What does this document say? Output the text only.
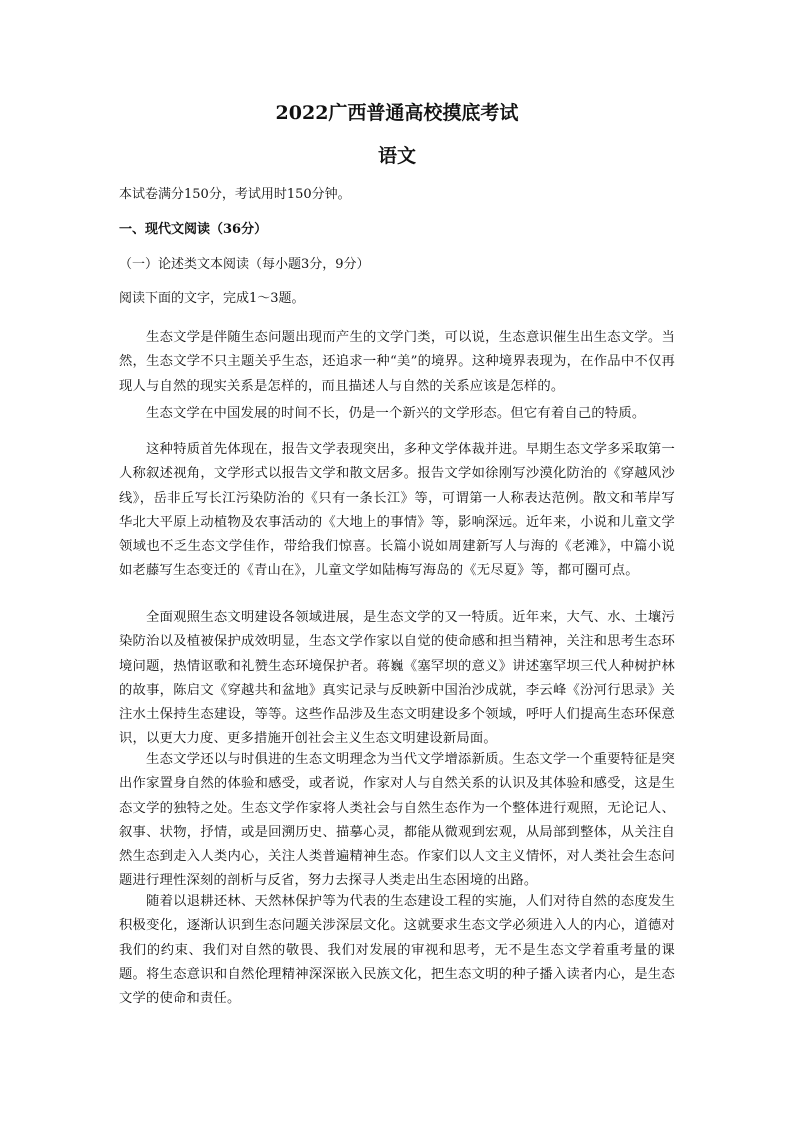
2022广西普通高校摸底考试
语文
本试卷满分150分，考试用时150分钟。
一、现代文阅读（36分）
（一）论述类文本阅读（每小题3分，9分）
阅读下面的文字，完成1～3题。
生态文学是伴随生态问题出现而产生的文学门类，可以说，生态意识催生出生态文学。当然，生态文学不只主题关乎生态，还追求一种“美”的境界。这种境界表现为，在作品中不仅再现人与自然的现实关系是怎样的，而且描述人与自然的关系应该是怎样的。
生态文学在中国发展的时间不长，仍是一个新兴的文学形态。但它有着自己的特质。
这种特质首先体现在，报告文学表现突出，多种文学体裁并进。早期生态文学多采取第一人称叙述视角，文学形式以报告文学和散文居多。报告文学如徐刚写沙漠化防治的《穿越风沙线》，岳非丘写长江污染防治的《只有一条长江》等，可谓第一人称表达范例。散文和苇岸写华北大平原上动植物及农事活动的《大地上的事情》等，影响深远。近年来，小说和儿童文学领域也不乏生态文学佳作，带给我们惊喜。长篇小说如周建新写人与海的《老滩》，中篇小说如老藤写生态变迁的《青山在》，儿童文学如陆梅写海岛的《无尽夏》等，都可圈可点。
全面观照生态文明建设各领域进展，是生态文学的又一特质。近年来，大气、水、土壤污染防治以及植被保护成效明显，生态文学作家以自觉的使命感和担当精神，关注和思考生态环境问题，热情讴歌和礼赞生态环境保护者。蒋巍《塞罕坝的意义》讲述塞罕坝三代人种树护林的故事，陈启文《穿越共和盆地》真实记录与反映新中国治沙成就，李云峰《汾河行思录》关注水土保持生态建设，等等。这些作品涉及生态文明建设多个领域，呼吁人们提高生态环保意识，以更大力度、更多措施开创社会主义生态文明建设新局面。
生态文学还以与时俱进的生态文明理念为当代文学增添新质。生态文学一个重要特征是突出作家置身自然的体验和感受，或者说，作家对人与自然关系的认识及其体验和感受，这是生态文学的独特之处。生态文学作家将人类社会与自然生态作为一个整体进行观照，无论记人、叙事、状物，抒情，或是回溯历史、描摹心灵，都能从微观到宏观，从局部到整体，从关注自然生态到走入人类内心，关注人类普遍精神生态。作家们以人文主义情怀，对人类社会生态问题进行理性深刻的剖析与反省，努力去探寻人类走出生态困境的出路。
随着以退耕还林、天然林保护等为代表的生态建设工程的实施，人们对待自然的态度发生积极变化，逐渐认识到生态问题关涉深层文化。这就要求生态文学必须进入人的内心，道德对我们的约束、我们对自然的敬畏、我们对发展的审视和思考，无不是生态文学着重考量的课题。将生态意识和自然伦理精神深深嵌入民族文化，把生态文明的种子播入读者内心，是生态文学的使命和责任。
